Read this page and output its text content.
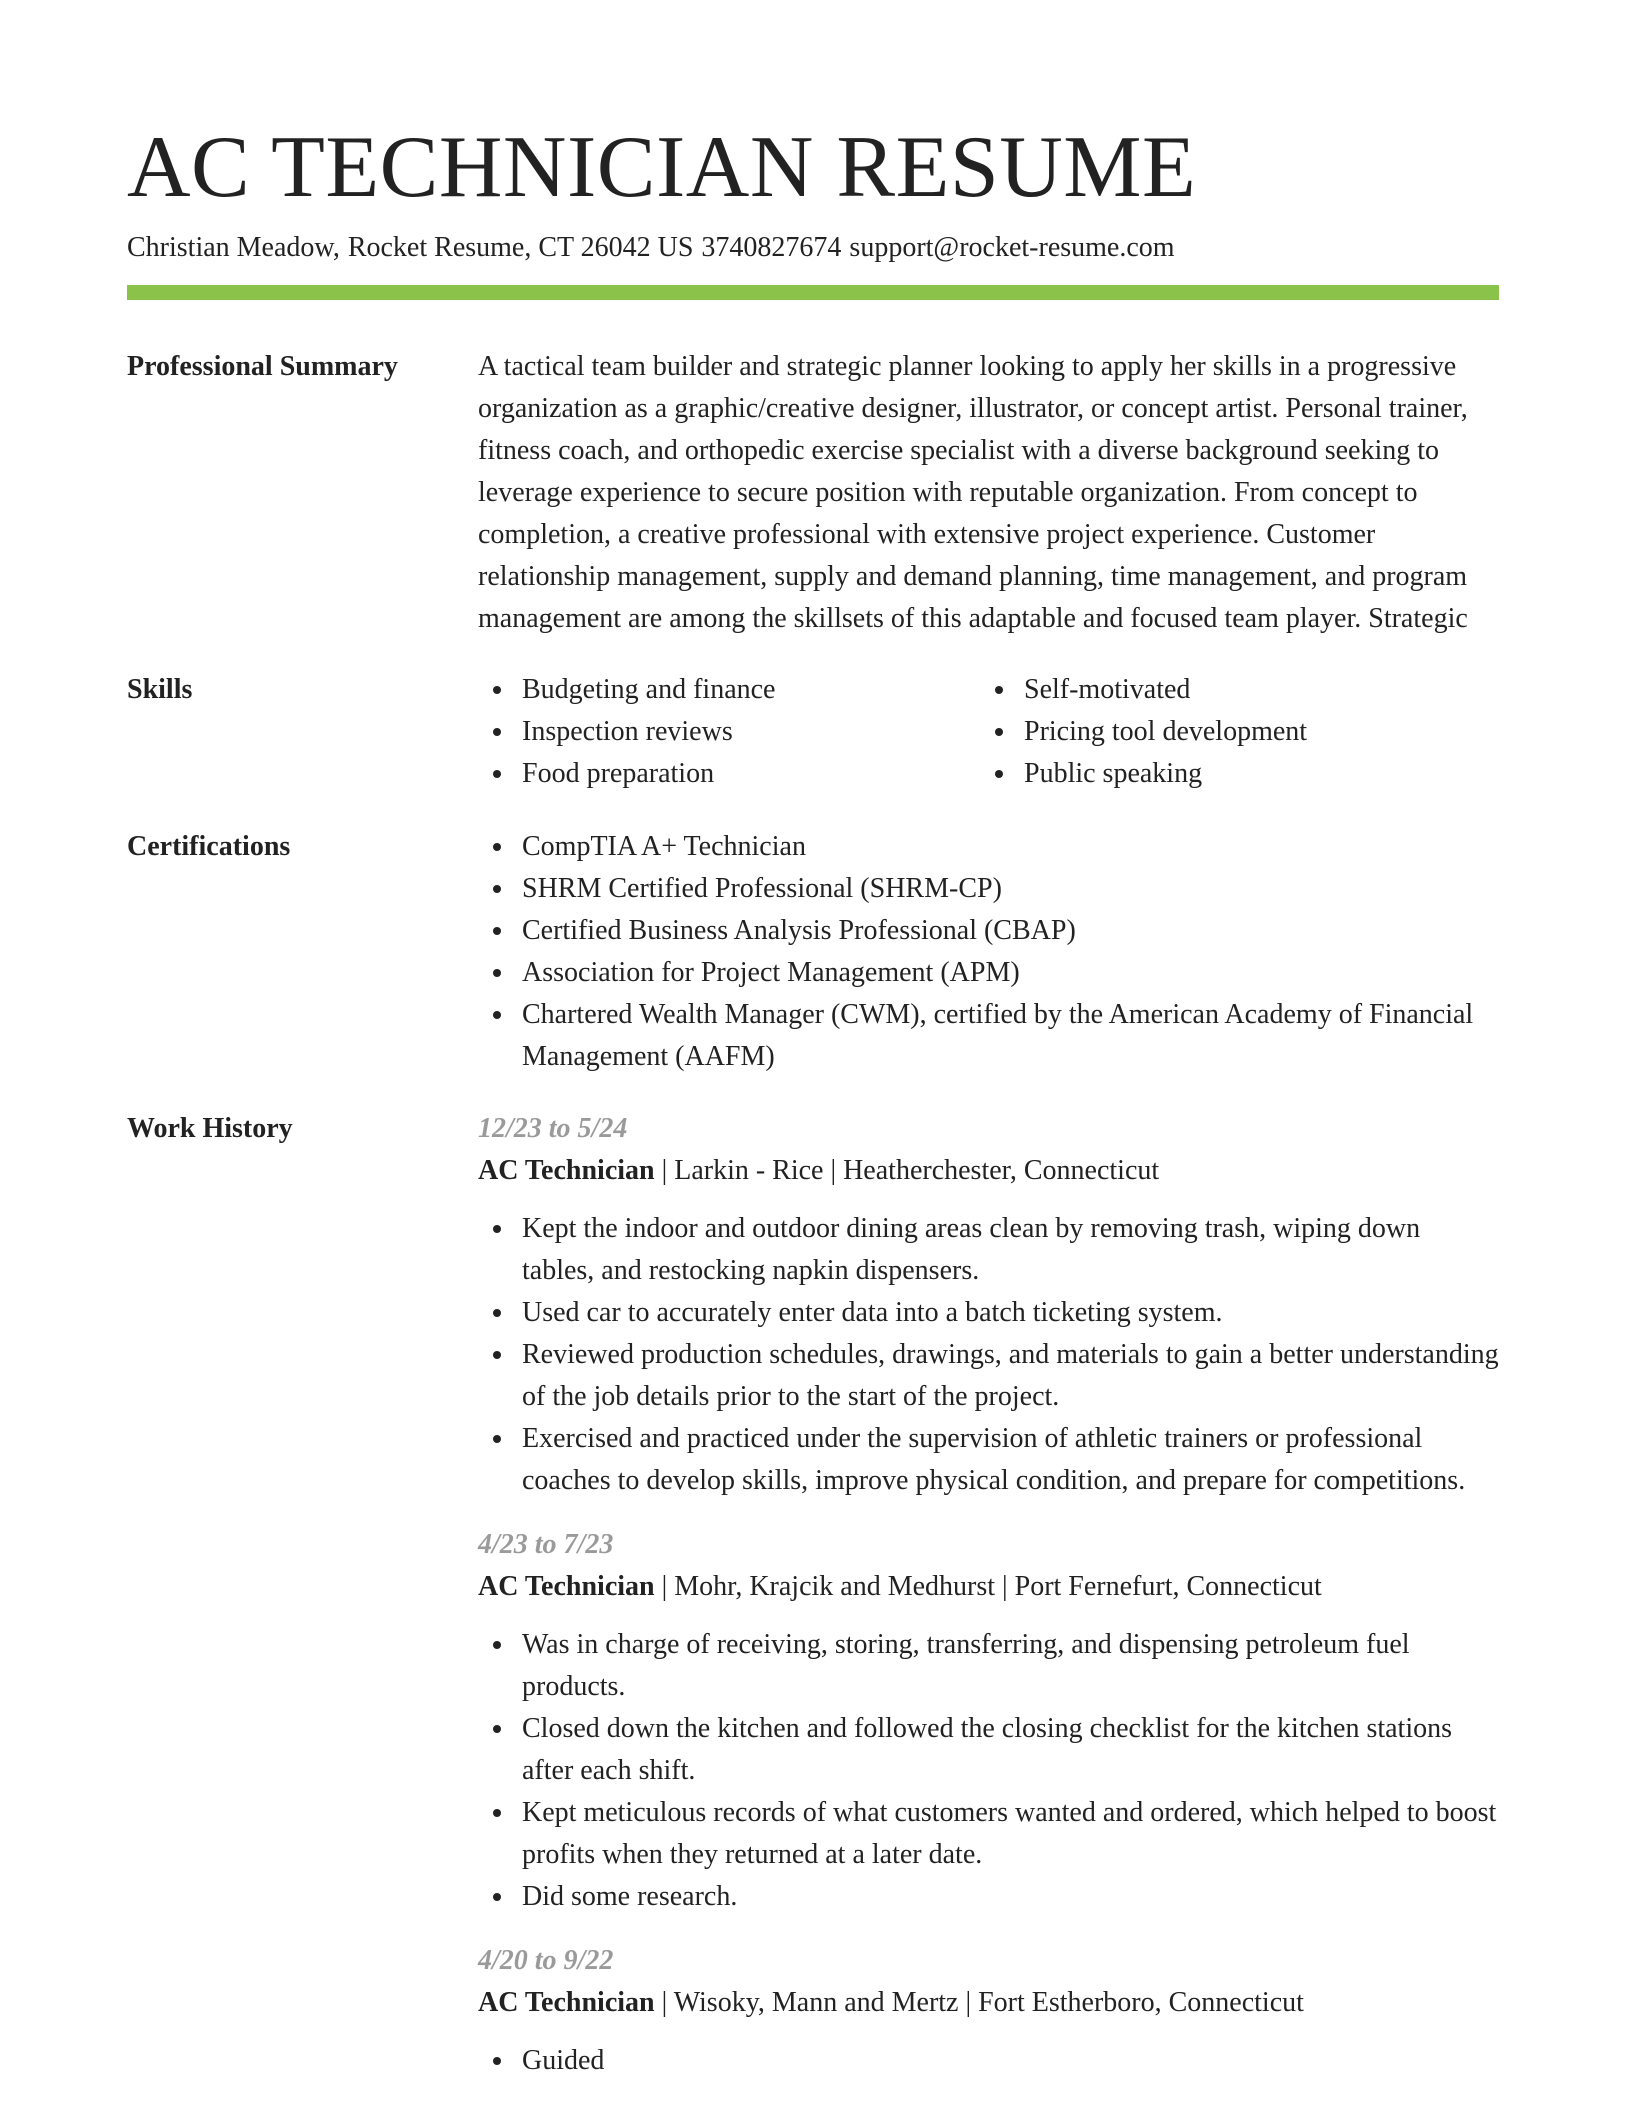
AC TECHNICIAN RESUME
Christian Meadow, Rocket Resume, CT 26042 US 3740827674 support@rocket-resume.com
Professional Summary	A tactical team builder and strategic planner looking to apply her skills in a progressive organization as a graphic/creative designer, illustrator, or concept artist. Personal trainer, fitness coach, and orthopedic exercise specialist with a diverse background seeking to leverage experience to secure position with reputable organization. From concept to completion, a creative professional with extensive project experience. Customer relationship management, supply and demand planning, time management, and program management are among the skillsets of this adaptable and focused team player. Strategic

Skills	Budgeting and finance
Inspection reviews
Food preparation
Self-motivated
Pricing tool development
Public speaking
Certifications	CompTIA A+ Technician
SHRM Certified Professional (SHRM-CP)
Certified Business Analysis Professional (CBAP)
Association for Project Management (APM)
Chartered Wealth Manager (CWM), certified by the American Academy of Financial Management (AAFM)
Work History	12/23 to 5/24
AC Technician | Larkin - Rice | Heatherchester, Connecticut
Kept the indoor and outdoor dining areas clean by removing trash, wiping down tables, and restocking napkin dispensers.
Used car to accurately enter data into a batch ticketing system.
Reviewed production schedules, drawings, and materials to gain a better understanding of the job details prior to the start of the project.
Exercised and practiced under the supervision of athletic trainers or professional coaches to develop skills, improve physical condition, and prepare for competitions.
4/23 to 7/23
AC Technician | Mohr, Krajcik and Medhurst | Port Fernefurt, Connecticut
Was in charge of receiving, storing, transferring, and dispensing petroleum fuel products.
Closed down the kitchen and followed the closing checklist for the kitchen stations after each shift.
Kept meticulous records of what customers wanted and ordered, which helped to boost profits when they returned at a later date.
Did some research.
4/20 to 9/22
AC Technician | Wisoky, Mann and Mertz | Fort Estherboro, Connecticut
Guided
